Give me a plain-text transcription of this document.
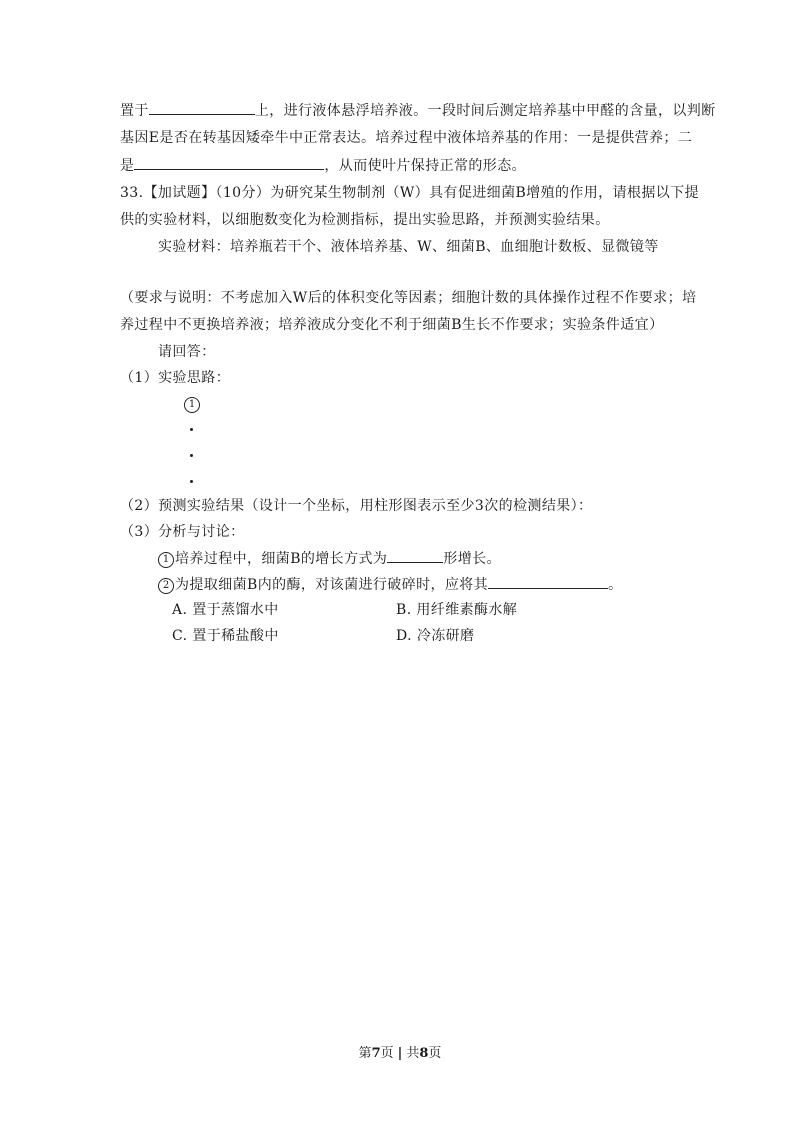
置于	上，进行液体悬浮培养液。一段时间后测定培养基中甲醛的含量，以判断
基因E是否在转基因矮牵牛中正常表达。培养过程中液体培养基的作用：一是提供营养；二
是	，从而使叶片保持正常的形态。
33.【加试题】（10分）为研究某生物制剂（W）具有促进细菌B增殖的作用，请根据以下提
供的实验材料，以细胞数变化为检测指标，提出实验思路，并预测实验结果。
实验材料：培养瓶若干个、液体培养基、W、细菌B、血细胞计数板、显微镜等
（要求与说明：不考虑加入W后的体积变化等因素；细胞计数的具体操作过程不作要求；培
养过程中不更换培养液；培养液成分变化不利于细菌B生长不作要求；实验条件适宜）
请回答：
（1）实验思路：
1
（2）预测实验结果（设计一个坐标，用柱形图表示至少3次的检测结果）：
（3）分析与讨论：
1 培养过程中，细菌B的增长方式为	形增长。
2 为提取细菌B内的酶，对该菌进行破碎时，应将其	。
A. 置于蒸馏水中	B. 用纤维素酶水解
C. 置于稀盐酸中	D. 冷冻研磨
第7页 | 共8页
